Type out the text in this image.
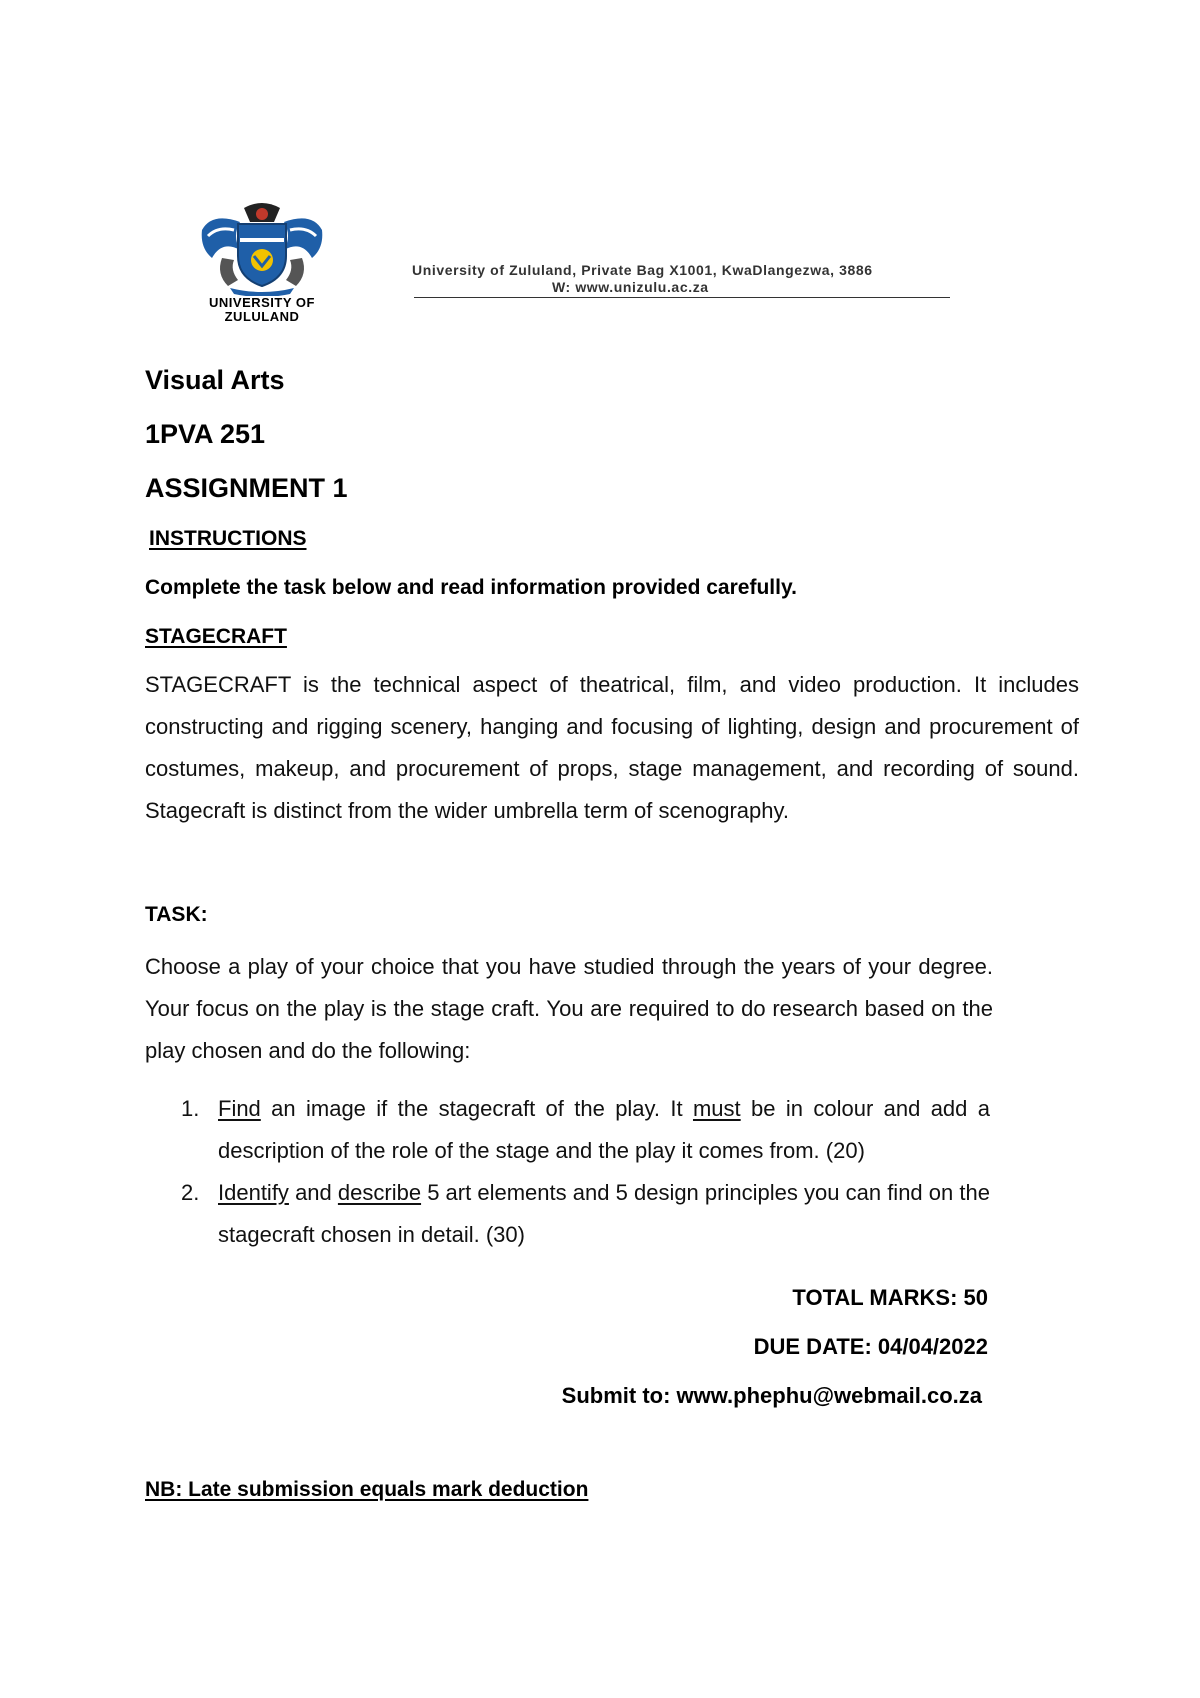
UNIVERSITY OF
ZULULAND
University of Zululand, Private Bag X1001, KwaDlangezwa, 3886
W: www.unizulu.ac.za
Visual Arts
1PVA 251
ASSIGNMENT 1
INSTRUCTIONS
Complete the task below and read information provided carefully.
STAGECRAFT
STAGECRAFT is the technical aspect of theatrical, film, and video production. It includes constructing and rigging scenery, hanging and focusing of lighting, design and procurement of costumes, makeup, and procurement of props, stage management, and recording of sound. Stagecraft is distinct from the wider umbrella term of scenography.
TASK:
Choose a play of your choice that you have studied through the years of your degree. Your focus on the play is the stage craft. You are required to do research based on the play chosen and do the following:
1. Find an image if the stagecraft of the play. It must be in colour and add a description of the role of the stage and the play it comes from. (20)
2. Identify and describe 5 art elements and 5 design principles you can find on the stagecraft chosen in detail. (30)
TOTAL MARKS: 50
DUE DATE: 04/04/2022
Submit to: www.phephu@webmail.co.za
NB: Late submission equals mark deduction
